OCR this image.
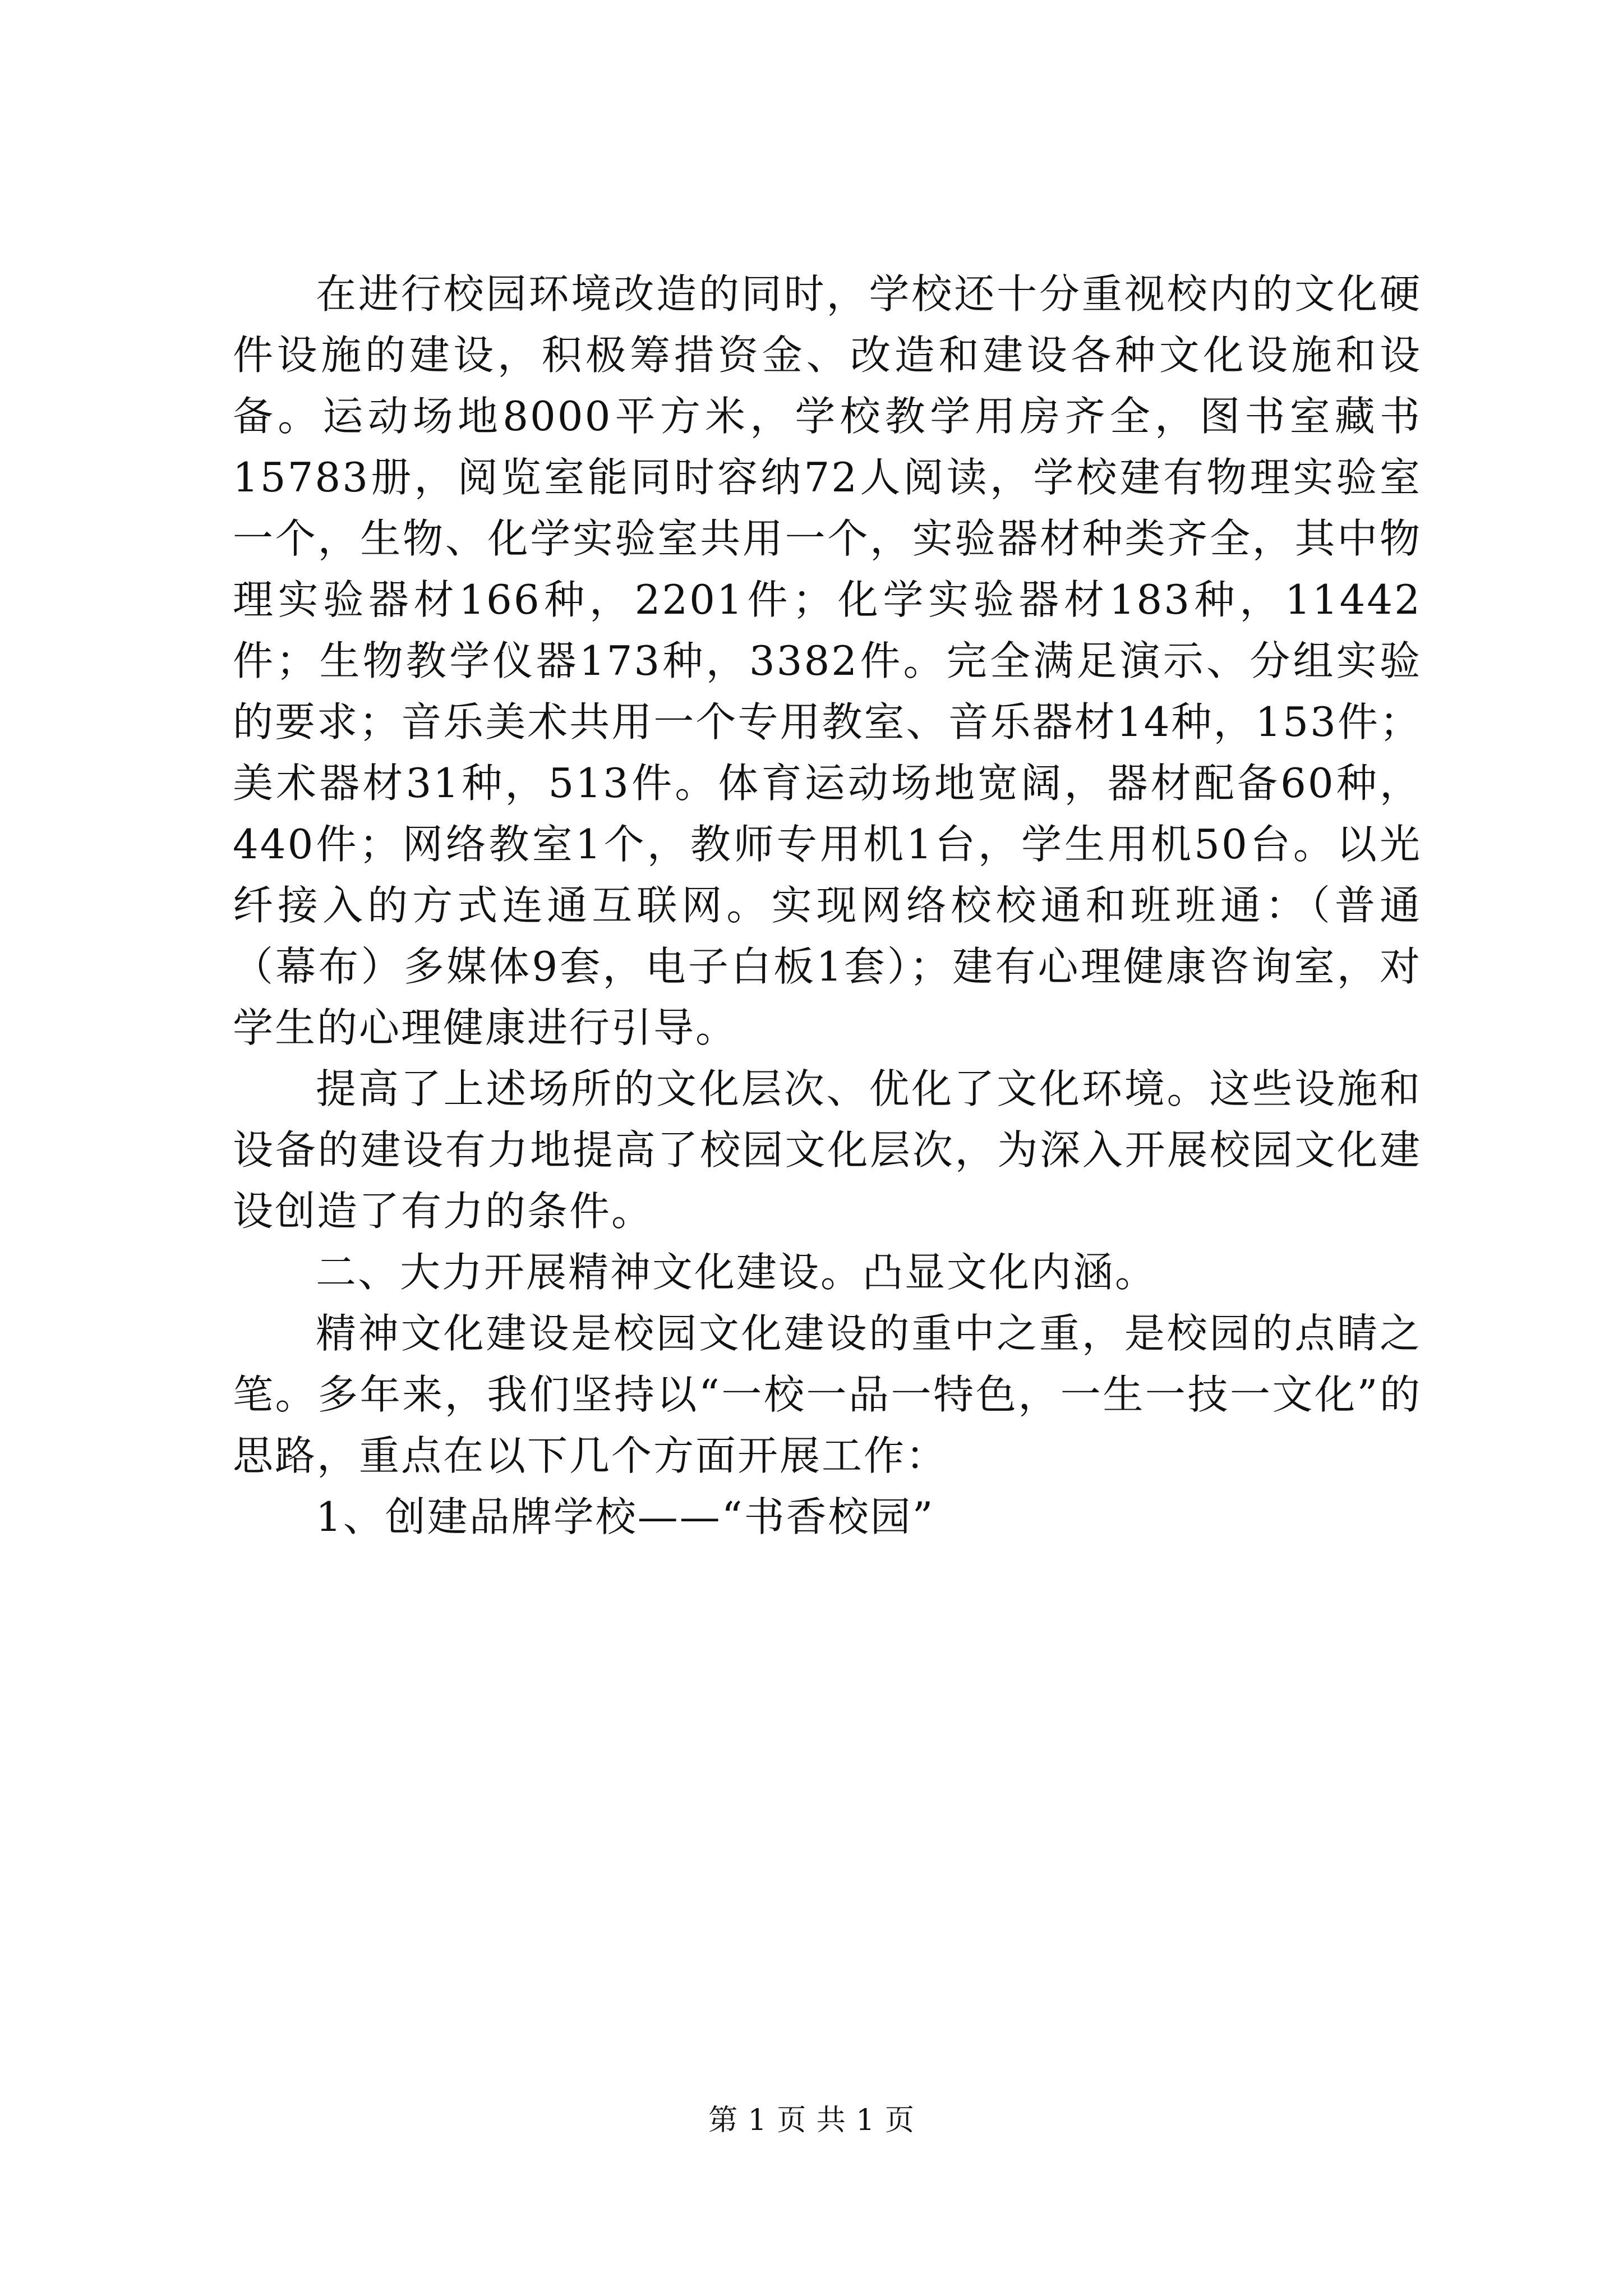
在进行校园环境改造的同时，学校还十分重视校内的文化硬件设施的建设，积极筹措资金、改造和建设各种文化设施和设备。运动场地8000平方米，学校教学用房齐全，图书室藏书15783册，阅览室能同时容纳72人阅读，学校建有物理实验室一个，生物、化学实验室共用一个，实验器材种类齐全，其中物理实验器材166种，2201件；化学实验器材183种，11442件；生物教学仪器173种，3382件。完全满足演示、分组实验的要求；音乐美术共用一个专用教室、音乐器材14种，153件；美术器材31种，513件。体育运动场地宽阔，器材配备60种，440件；网络教室1个，教师专用机1台，学生用机50台。以光纤接入的方式连通互联网。实现网络校校通和班班通：（普通（幕布）多媒体9套，电子白板1套）；建有心理健康咨询室，对学生的心理健康进行引导。

提高了上述场所的文化层次、优化了文化环境。这些设施和设备的建设有力地提高了校园文化层次，为深入开展校园文化建设创造了有力的条件。

二、大力开展精神文化建设。凸显文化内涵。

精神文化建设是校园文化建设的重中之重，是校园的点睛之笔。多年来，我们坚持以“一校一品一特色，一生一技一文化”的思路，重点在以下几个方面开展工作：

1、创建品牌学校——“书香校园”

第 1 页 共 1 页
